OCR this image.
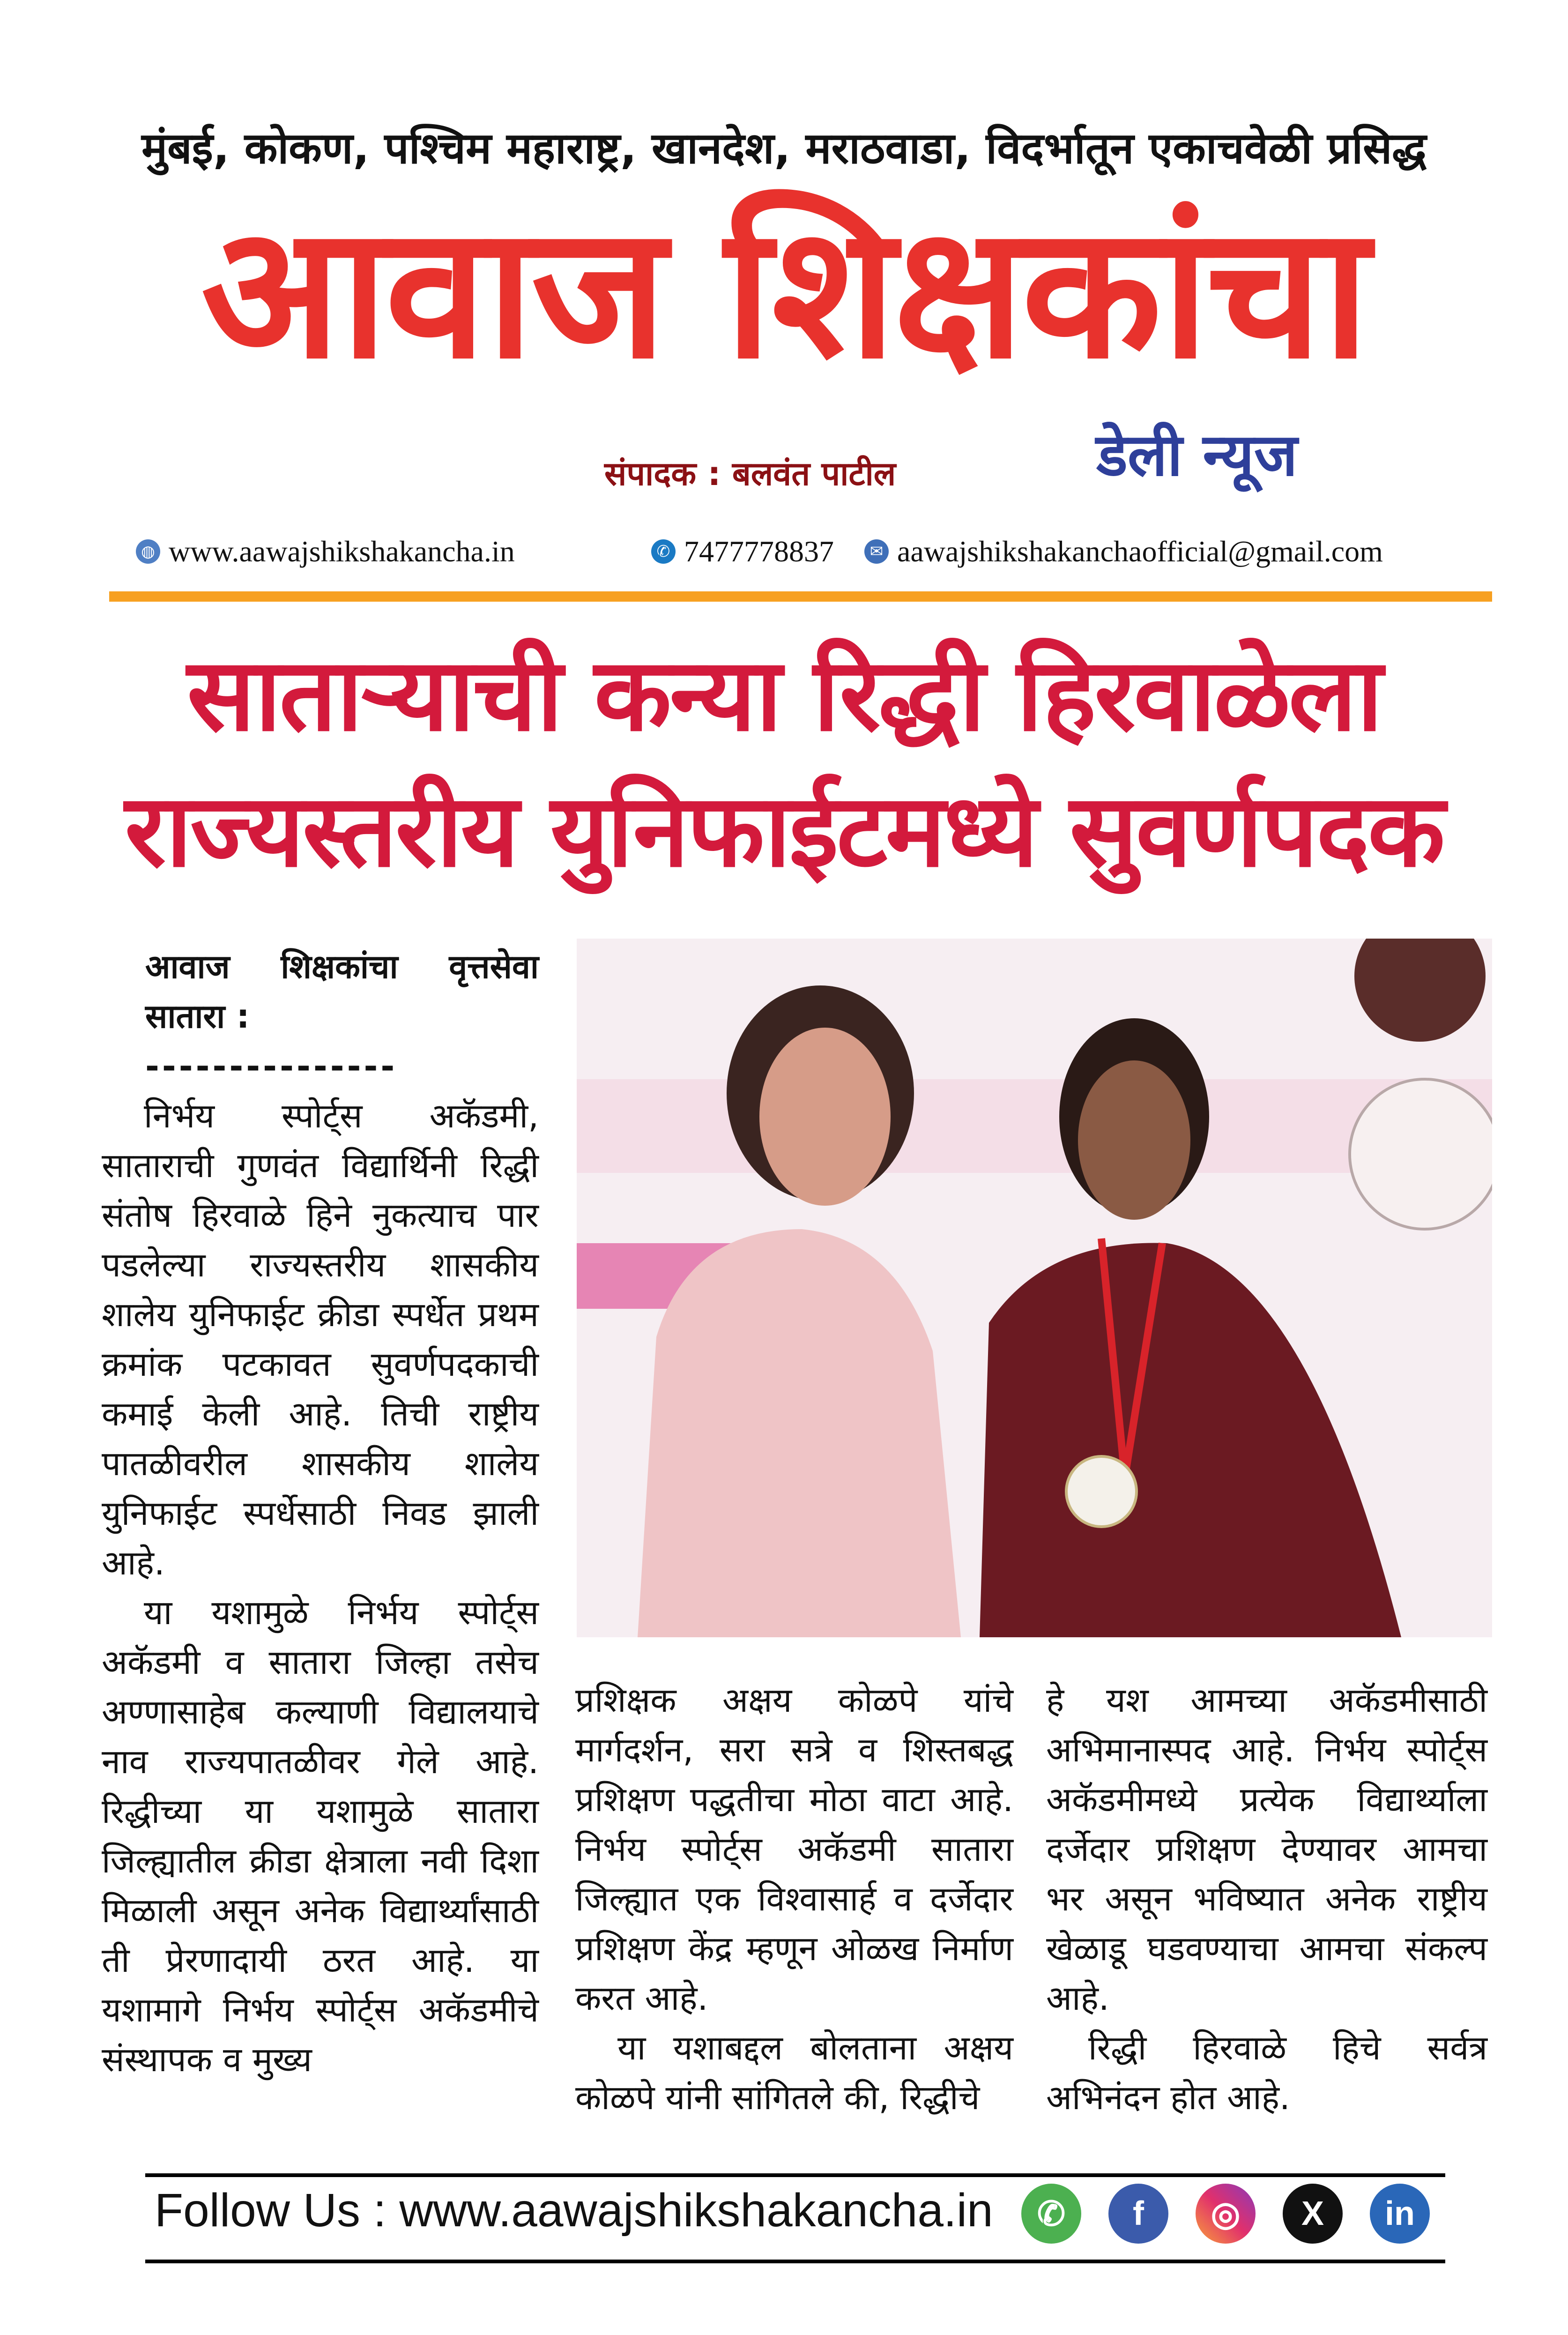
मुंबई, कोकण, पश्चिम महाराष्ट्र, खानदेश, मराठवाडा, विदर्भातून एकाचवेळी प्रसिद्ध
आवाज शिक्षकांचा
संपादक : बलवंत पाटील	डेली न्यूज
◍ www.aawajshikshakancha.in	✆ 7477778837	✉ aawajshikshakanchaofficial@gmail.com
साताऱ्याची कन्या रिद्धी हिरवाळेला
राज्यस्तरीय युनिफाईटमध्ये सुवर्णपदक

आवाज शिक्षकांचा वृत्तसेवा सातारा :

---------------

निर्भय स्पोर्ट्स अकॅडमी, साताराची गुणवंत विद्यार्थिनी रिद्धी संतोष हिरवाळे हिने नुकत्याच पार पडलेल्या राज्यस्तरीय शासकीय शालेय युनिफाईट क्रीडा स्पर्धेत प्रथम क्रमांक पटकावत सुवर्णपदकाची कमाई केली आहे. तिची राष्ट्रीय पातळीवरील शासकीय शालेय युनिफाईट स्पर्धेसाठी निवड झाली आहे.

या यशामुळे निर्भय स्पोर्ट्स अकॅडमी व सातारा जिल्हा तसेच अण्णासाहेब कल्याणी विद्यालयाचे नाव राज्यपातळीवर गेले आहे. रिद्धीच्या या यशामुळे सातारा जिल्ह्यातील क्रीडा क्षेत्राला नवी दिशा मिळाली असून अनेक विद्यार्थ्यांसाठी ती प्रेरणादायी ठरत आहे. या यशामागे निर्भय स्पोर्ट्स अकॅडमीचे संस्थापक व मुख्य

प्रशिक्षक अक्षय कोळपे यांचे मार्गदर्शन, सरा सत्रे व शिस्तबद्ध प्रशिक्षण पद्धतीचा मोठा वाटा आहे. निर्भय स्पोर्ट्स अकॅडमी सातारा जिल्ह्यात एक विश्वासार्ह व दर्जेदार प्रशिक्षण केंद्र म्हणून ओळख निर्माण करत आहे.

या यशाबद्दल बोलताना अक्षय कोळपे यांनी सांगितले की, रिद्धीचे

हे यश आमच्या अकॅडमीसाठी अभिमानास्पद आहे. निर्भय स्पोर्ट्स अकॅडमीमध्ये प्रत्येक विद्यार्थ्याला दर्जेदार प्रशिक्षण देण्यावर आमचा भर असून भविष्यात अनेक राष्ट्रीय खेळाडू घडवण्याचा आमचा संकल्प आहे.

रिद्धी हिरवाळे हिचे सर्वत्र अभिनंदन होत आहे.

Follow Us : www.aawajshikshakancha.in	✆	f	◎	X	in
